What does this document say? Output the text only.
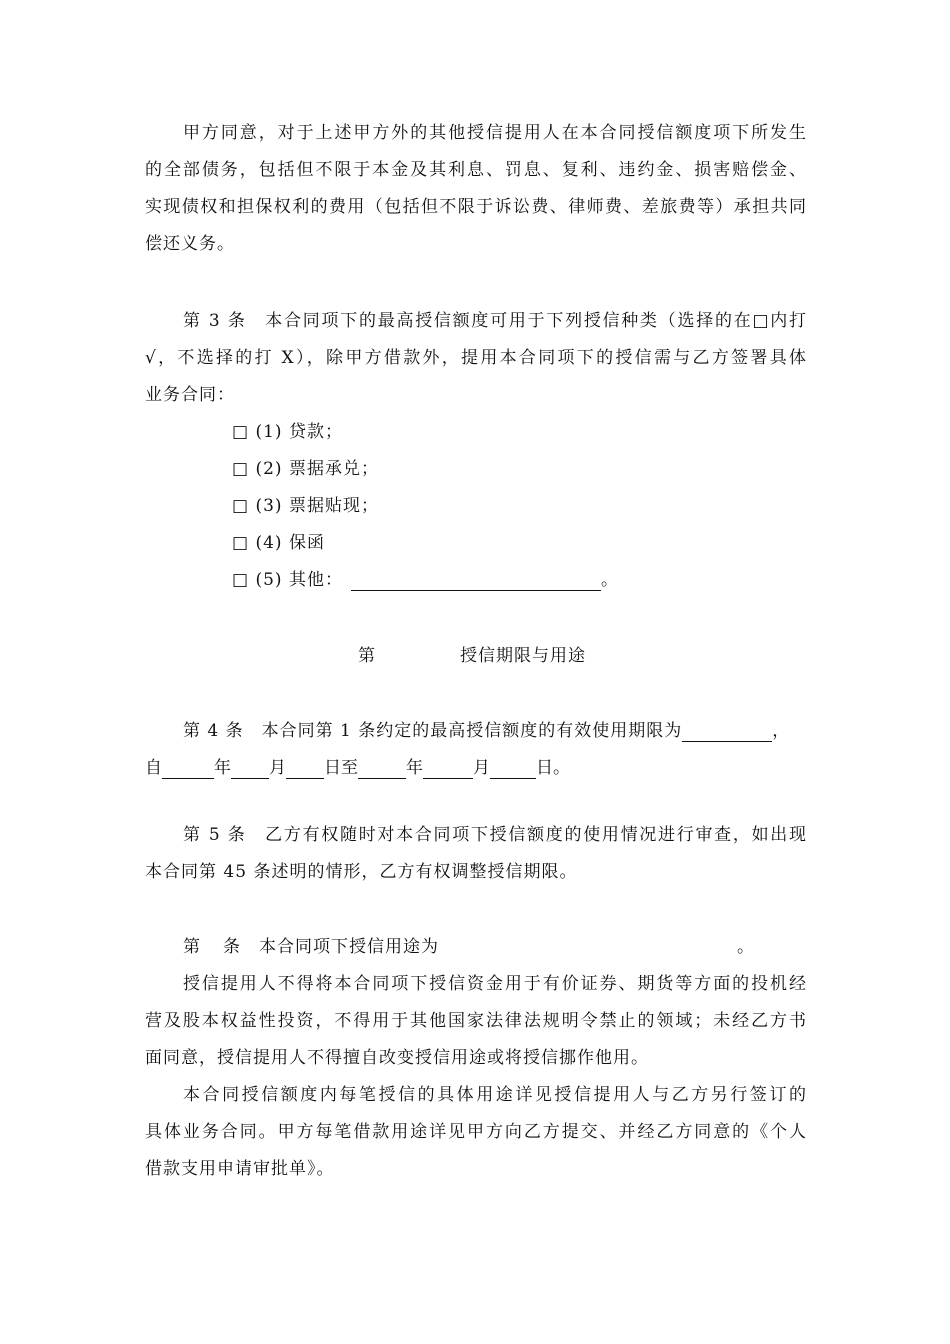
甲方同意，对于上述甲方外的其他授信提用人在本合同授信额度项下所发生
的全部债务，包括但不限于本金及其利息、罚息、复利、违约金、损害赔偿金、
实现债权和担保权利的费用（包括但不限于诉讼费、律师费、差旅费等）承担共同
偿还义务。
第 3 条　本合同项下的最高授信额度可用于下列授信种类（选择的在□内打
√，不选择的打 X），除甲方借款外，提用本合同项下的授信需与乙方签署具体
业务合同：
□ (1) 贷款；
□ (2) 票据承兑；
□ (3) 票据贴现；
□ (4) 保函
□ (5) 其他：	。
第	授信期限与用途
第 4 条　本合同第 1 条约定的最高授信额度的有效使用期限为	，
自	年 月 日至	年	月	日。
第 5 条　乙方有权随时对本合同项下授信额度的使用情况进行审查，如出现
本合同第 45 条述明的情形，乙方有权调整授信期限。
第 条　本合同项下授信用途为	。
授信提用人不得将本合同项下授信资金用于有价证券、期货等方面的投机经
营及股本权益性投资，不得用于其他国家法律法规明令禁止的领域；未经乙方书
面同意，授信提用人不得擅自改变授信用途或将授信挪作他用。
本合同授信额度内每笔授信的具体用途详见授信提用人与乙方另行签订的
具体业务合同。甲方每笔借款用途详见甲方向乙方提交、并经乙方同意的《个人
借款支用申请审批单》。
